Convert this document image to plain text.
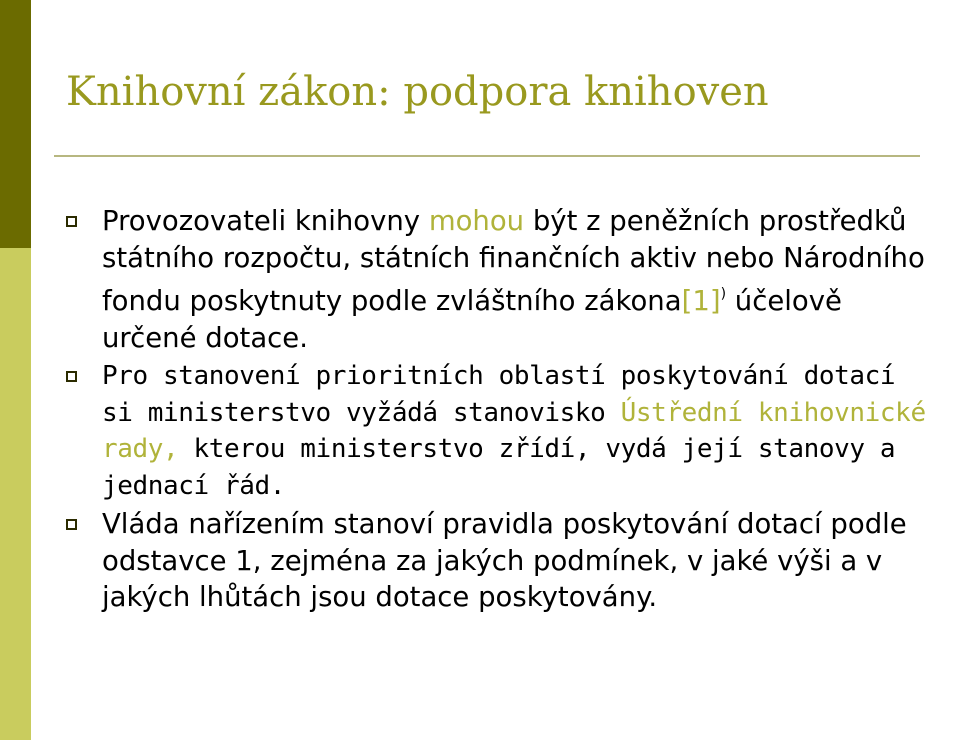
Knihovní zákon: podpora knihoven
Provozovateli knihovny mohou být z peněžních prostředků státního rozpočtu, státních finančních aktiv nebo Národního fondu poskytnuty podle zvláštního zákona[1]) účelově určené dotace.
Pro stanovení prioritních oblastí poskytování dotací si ministerstvo vyžádá stanovisko Ústřední knihovnické rady, kterou ministerstvo zřídí, vydá její stanovy a jednací řád.
Vláda nařízením stanoví pravidla poskytování dotací podle odstavce 1, zejména za jakých podmínek, v jaké výši a v jakých lhůtách jsou dotace poskytovány.
